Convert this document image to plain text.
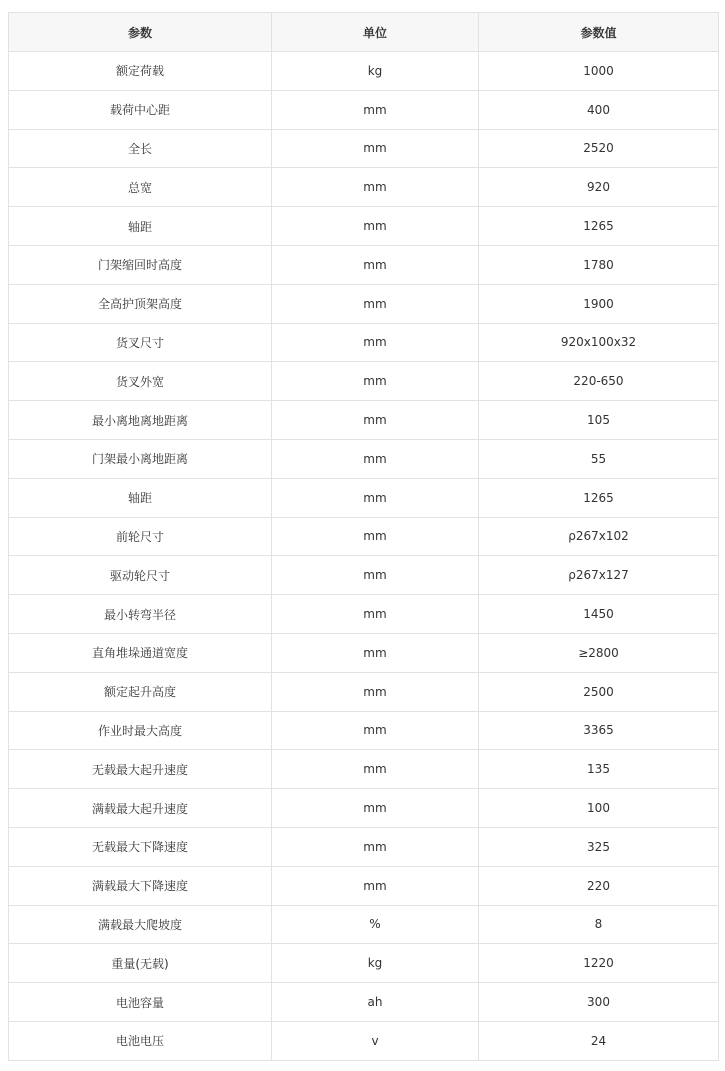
参数	单位	参数值
额定荷载	kg	1000
载荷中心距	mm	400
全长	mm	2520
总宽	mm	920
轴距	mm	1265
门架缩回时高度	mm	1780
全高护顶架高度	mm	1900
货叉尺寸	mm	920x100x32
货叉外宽	mm	220-650
最小离地离地距离	mm	105
门架最小离地距离	mm	55
轴距	mm	1265
前轮尺寸	mm	ρ267x102
驱动轮尺寸	mm	ρ267x127
最小转弯半径	mm	1450
直角堆垛通道宽度	mm	≥2800
额定起升高度	mm	2500
作业时最大高度	mm	3365
无载最大起升速度	mm	135
满载最大起升速度	mm	100
无载最大下降速度	mm	325
满载最大下降速度	mm	220
满载最大爬坡度	%	8
重量(无载)	kg	1220
电池容量	ah	300
电池电压	v	24
